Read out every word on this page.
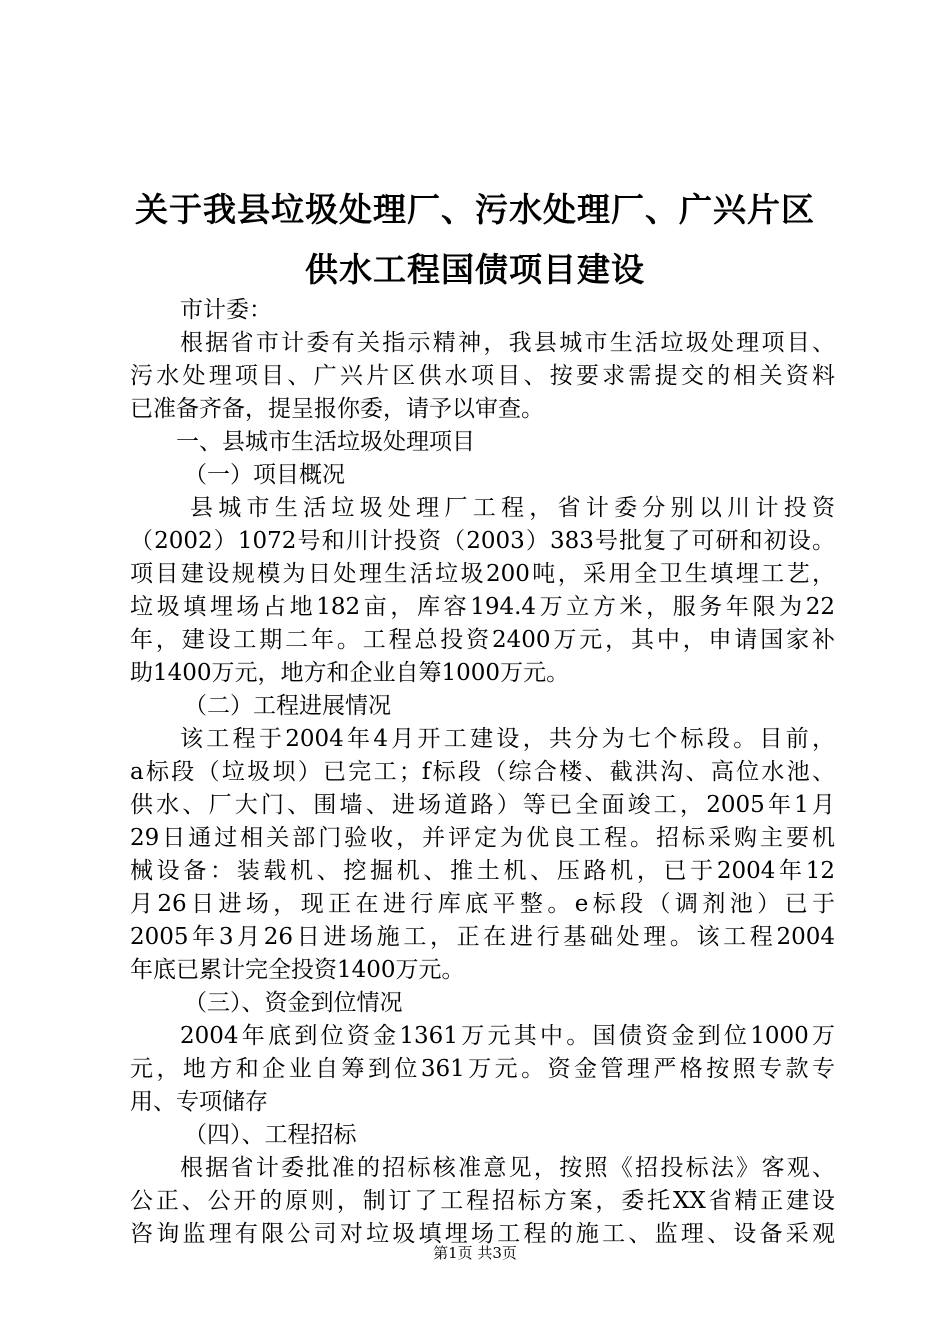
关于我县垃圾处理厂、污水处理厂、广兴片区
供水工程国债项目建设
市计委：
根据省市计委有关指示精神，我县城市生活垃圾处理项目、
污水处理项目、广兴片区供水项目、按要求需提交的相关资料
已准备齐备，提呈报你委，请予以审查。
一、县城市生活垃圾处理项目
（一）项目概况
县城市生活垃圾处理厂工程，省计委分别以川计投资
（2002）1072号和川计投资（2003）383号批复了可研和初设。
项目建设规模为日处理生活垃圾200吨，采用全卫生填埋工艺，
垃圾填埋场占地182亩，库容194.4万立方米，服务年限为22
年，建设工期二年。工程总投资2400万元，其中，申请国家补
助1400万元，地方和企业自筹1000万元。
（二）工程进展情况
该工程于2004年4月开工建设，共分为七个标段。目前，
a标段（垃圾坝）已完工；f标段（综合楼、截洪沟、高位水池、
供水、厂大门、围墙、进场道路）等已全面竣工，2005年1月
29日通过相关部门验收，并评定为优良工程。招标采购主要机
械设备：装载机、挖掘机、推土机、压路机，已于2004年12
月26日进场，现正在进行库底平整。e标段（调剂池）已于
2005年3月26日进场施工，正在进行基础处理。该工程2004
年底已累计完全投资1400万元。
（三）、资金到位情况
2004年底到位资金1361万元其中。国债资金到位1000万
元，地方和企业自筹到位361万元。资金管理严格按照专款专
用、专项储存
（四）、工程招标
根据省计委批准的招标核准意见，按照《招投标法》客观、
公正、公开的原则，制订了工程招标方案，委托XX省精正建设
咨询监理有限公司对垃圾填埋场工程的施工、监理、设备采观
第1页 共3页
